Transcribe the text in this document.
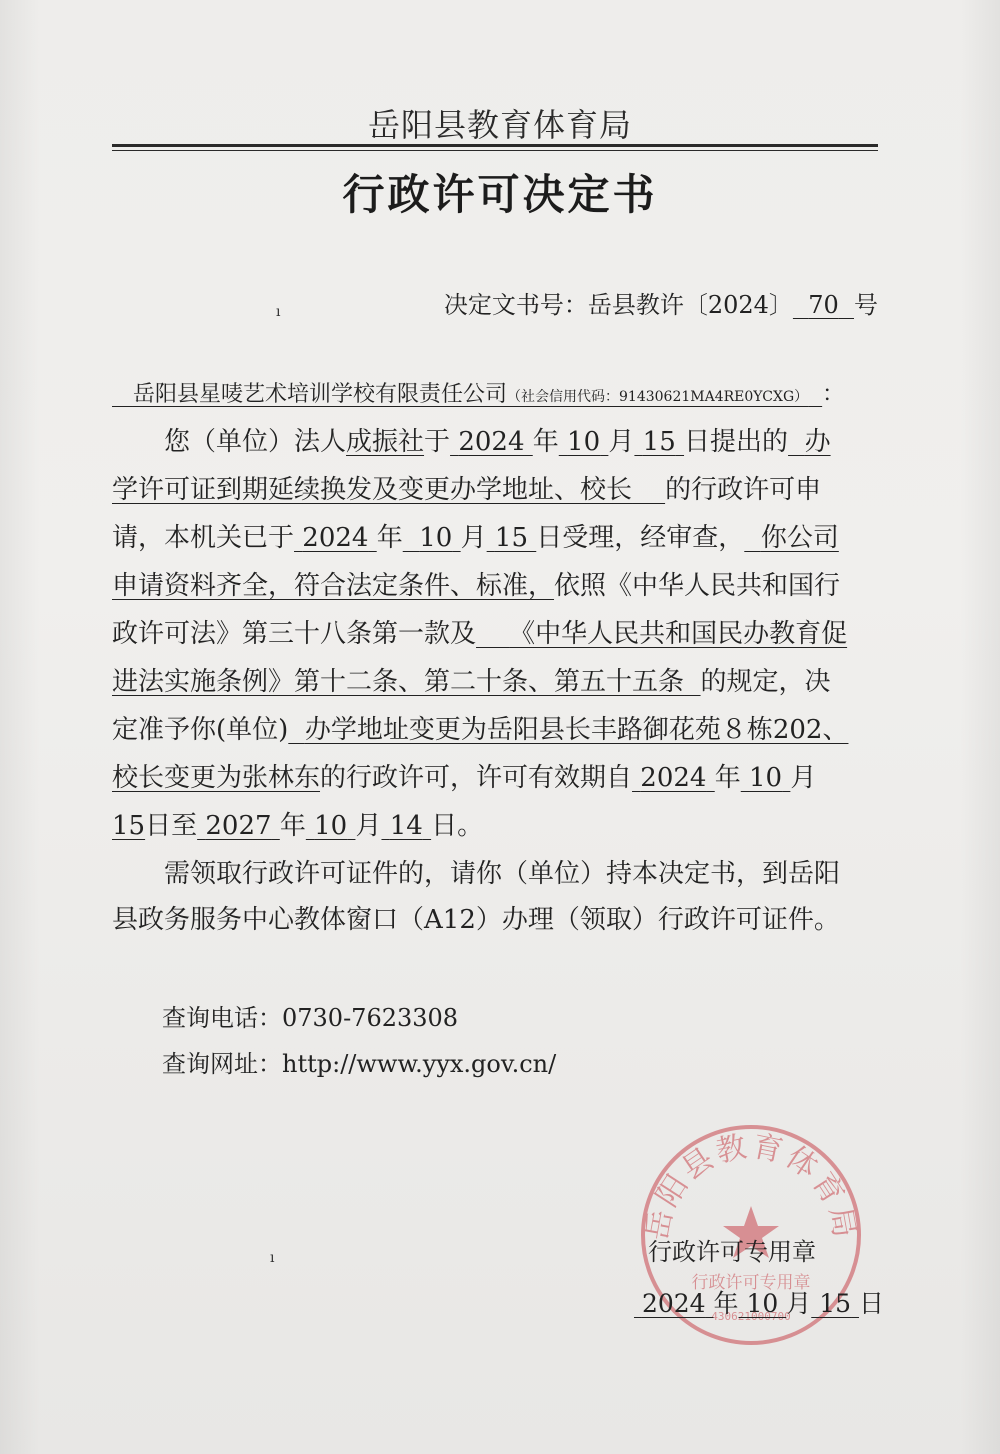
岳阳县教育体育局
行政许可决定书
ı	决定文书号：岳县教许〔2024〕 70 号
岳阳县星唛艺术培训学校有限责任公司（社会信用代码：91430621MA4RE0YCXG） ：
您（单位）法人成振社于 2024 年 10 月 15 日提出的 办
学许可证到期延续换发及变更办学地址、校长 的行政许可申
请，本机关已于 2024 年 10 月 15 日受理，经审查， 你公司
申请资料齐全，符合法定条件、标准，依照《中华人民共和国行
政许可法》第三十八条第一款及 《中华人民共和国民办教育促
进法实施条例》第十二条、第二十条、第五十五条 的规定，决
定准予你(单位) 办学地址变更为岳阳县长丰路御花苑８栋202、
校长变更为张林东的行政许可，许可有效期自 2024 年 10 月
15日至 2027 年 10 月 14 日。
需领取行政许可证件的，请你（单位）持本决定书，到岳阳
县政务服务中心教体窗口（A12）办理（领取）行政许可证件。
查询电话：0730-7623308
查询网址：http://www.yyx.gov.cn/
ı
岳阳县教育体育局
行政许可专用章
430621000700
行政许可专用章
2024 年 10 月 15 日
